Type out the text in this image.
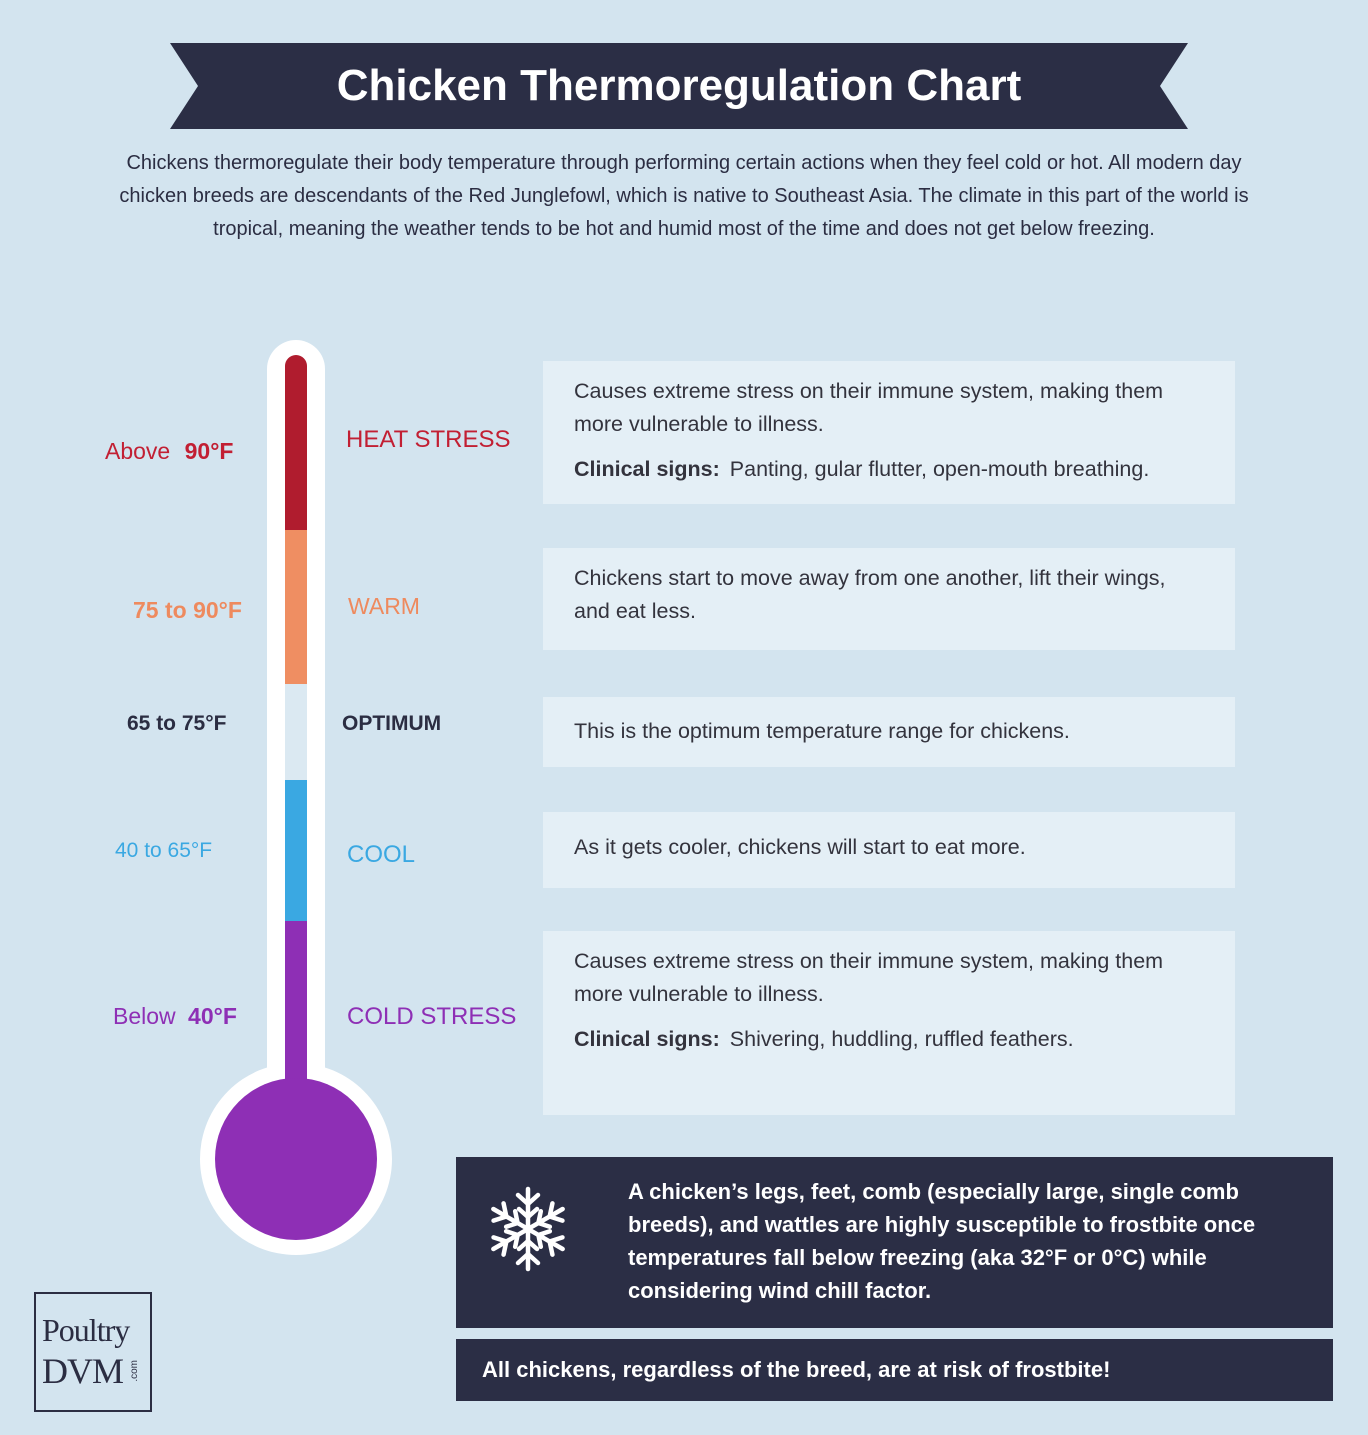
Chicken Thermoregulation Chart
Chickens thermoregulate their body temperature through performing certain actions when they feel cold or hot. All modern day chicken breeds are descendants of the Red Junglefowl, which is native to Southeast Asia. The climate in this part of the world is tropical, meaning the weather tends to be hot and humid most of the time and does not get below freezing.
Above 90°F
75 to 90°F
65 to 75°F
40 to 65°F
Below 40°F
HEAT STRESS
WARM
OPTIMUM
COOL
COLD STRESS

Causes extreme stress on their immune system, making them more vulnerable to illness.

Clinical signs: Panting, gular flutter, open-mouth breathing.

Chickens start to move away from one another, lift their wings, and eat less.

This is the optimum temperature range for chickens.

As it gets cooler, chickens will start to eat more.

Causes extreme stress on their immune system, making them more vulnerable to illness.

Clinical signs: Shivering, huddling, ruffled feathers.

A chicken’s legs, feet, comb (especially large, single comb breeds), and wattles are highly susceptible to frostbite once temperatures fall below freezing (aka 32°F or 0°C) while considering wind chill factor.
All chickens, regardless of the breed, are at risk of frostbite!
Poultry
DVM .com
